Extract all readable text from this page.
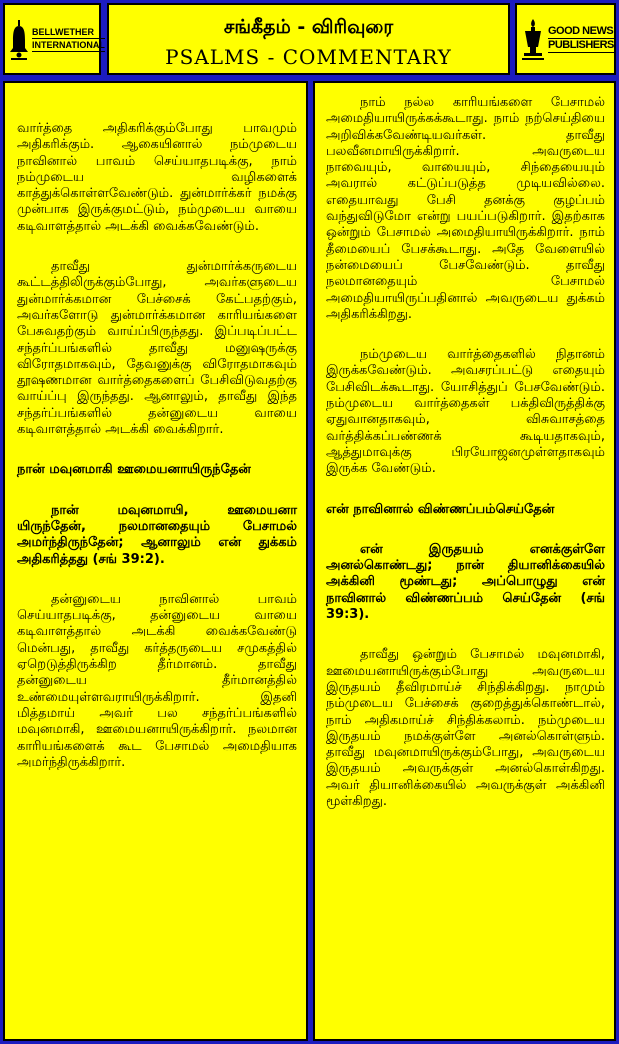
BELLWETHER
INTERNATIONAL
சங்கீதம் - விரிவுரை
PSALMS - COMMENTARY
GOOD NEWS
PUBLISHERS

வார்த்தை அதிகரிக்கும்போது பாவமும் அதிகரிக்கும். ஆகையினால் நம்முடைய நாவினால் பாவம் செய்யாதபடிக்கு, நாம் நம்முடைய வழிகளைக் காத்துக்கொள்ளவேண்டும். துன்மார்க்கர் நமக்கு முன்பாக இருக்குமட்டும், நம்முடைய வாயை கடிவாளத்தால் அடக்கி வைக்கவேண்டும்.

தாவீது துன்மார்க்கருடைய கூட்டத்திலிருக்கும்போது, அவர்களுடைய துன்மார்க்கமான பேச்சைக் கேட்பதற்கும், அவர்களோடு துன்மார்க்கமான காரியங்களை பேசுவதற்கும் வாய்ப்பிருந்தது. இப்படிப்பட்ட சந்தர்ப்பங்களில் தாவீது மனுஷருக்கு விரோதமாகவும், தேவனுக்கு விரோதமாகவும் தூஷணமான வார்த்தைகளைப் பேசிவிடுவதற்கு வாய்ப்பு இருந்தது. ஆனாலும், தாவீது இந்த சந்தர்ப்பங்களில் தன்னுடைய வாயை கடிவாளத்தால் அடக்கி வைக்கிறார்.

நான் மவுனமாகி ஊமையனாயிருந்தேன்

நான் மவுனமாயி, ஊமையனா யிருந்தேன், நலமானதையும் பேசாமல் அமர்ந்திருந்தேன்; ஆனாலும் என் துக்கம் அதிகரித்தது (சங் 39:2).

தன்னுடைய நாவினால் பாவம் செய்யாதபடிக்கு, தன்னுடைய வாயை கடிவாளத்தால் அடக்கி வைக்கவேண்டு மென்பது, தாவீது கர்த்தருடைய சமுகத்தில் ஏறெடுத்திருக்கிற தீர்மானம். தாவீது தன்னுடைய தீர்மானத்தில் உண்மையுள்ளவராயிருக்கிறார். இதனி மித்தமாய் அவர் பல சந்தர்ப்பங்களில் மவுனமாகி, ஊமையனாயிருக்கிறார். நலமான காரியங்களைக் கூட பேசாமல் அமைதியாக அமர்ந்திருக்கிறார்.

நாம் நல்ல காரியங்களை பேசாமல் அமைதியாயிருக்கக்கூடாது. நாம் நற்செய்தியை அறிவிக்கவேண்டியவர்கள். தாவீது பலவீனமாயிருக்கிறார். அவருடைய நாவையும், வாயையும், சிந்தையையும் அவரால் கட்டுப்படுத்த முடியவில்லை. எதையாவது பேசி தனக்கு குழப்பம் வந்துவிடுமோ என்று பயப்படுகிறார். இதற்காக ஒன்றும் பேசாமல் அமைதியாயிருக்கிறார். நாம் தீமையைப் பேசக்கூடாது. அதே வேளையில் நன்மையைப் பேசவேண்டும். தாவீது நலமானதையும் பேசாமல் அமைதியாயிருப்பதினால் அவருடைய துக்கம் அதிகரிக்கிறது.

நம்முடைய வார்த்தைகளில் நிதானம் இருக்கவேண்டும். அவசரப்பட்டு எதையும் பேசிவிடக்கூடாது. யோசித்துப் பேசவேண்டும். நம்முடைய வார்த்தைகள் பக்திவிருத்திக்கு ஏதுவானதாகவும், விசுவாசத்தை வர்த்திக்கப்பண்ணக் கூடியதாகவும், ஆத்துமாவுக்கு பிரயோஜனமுள்ளதாகவும் இருக்க வேண்டும்.

என் நாவினால் விண்ணப்பம்செய்தேன்

என் இருதயம் எனக்குள்ளே அனல்கொண்டது; நான் தியானிக்கையில் அக்கினி மூண்டது; அப்பொழுது என் நாவினால் விண்ணப்பம் செய்தேன் (சங் 39:3).

தாவீது ஒன்றும் பேசாமல் மவுனமாகி, ஊமையனாயிருக்கும்போது அவருடைய இருதயம் தீவிரமாய்ச் சிந்திக்கிறது. நாமும் நம்முடைய பேச்சைக் குறைத்துக்கொண்டால், நாம் அதிகமாய்ச் சிந்திக்கலாம். நம்முடைய இருதயம் நமக்குள்ளே அனல்கொள்ளும். தாவீது மவுனமாயிருக்கும்போது, அவருடைய இருதயம் அவருக்குள் அனல்கொள்கிறது. அவர் தியானிக்கையில் அவருக்குள் அக்கினி மூள்கிறது.
